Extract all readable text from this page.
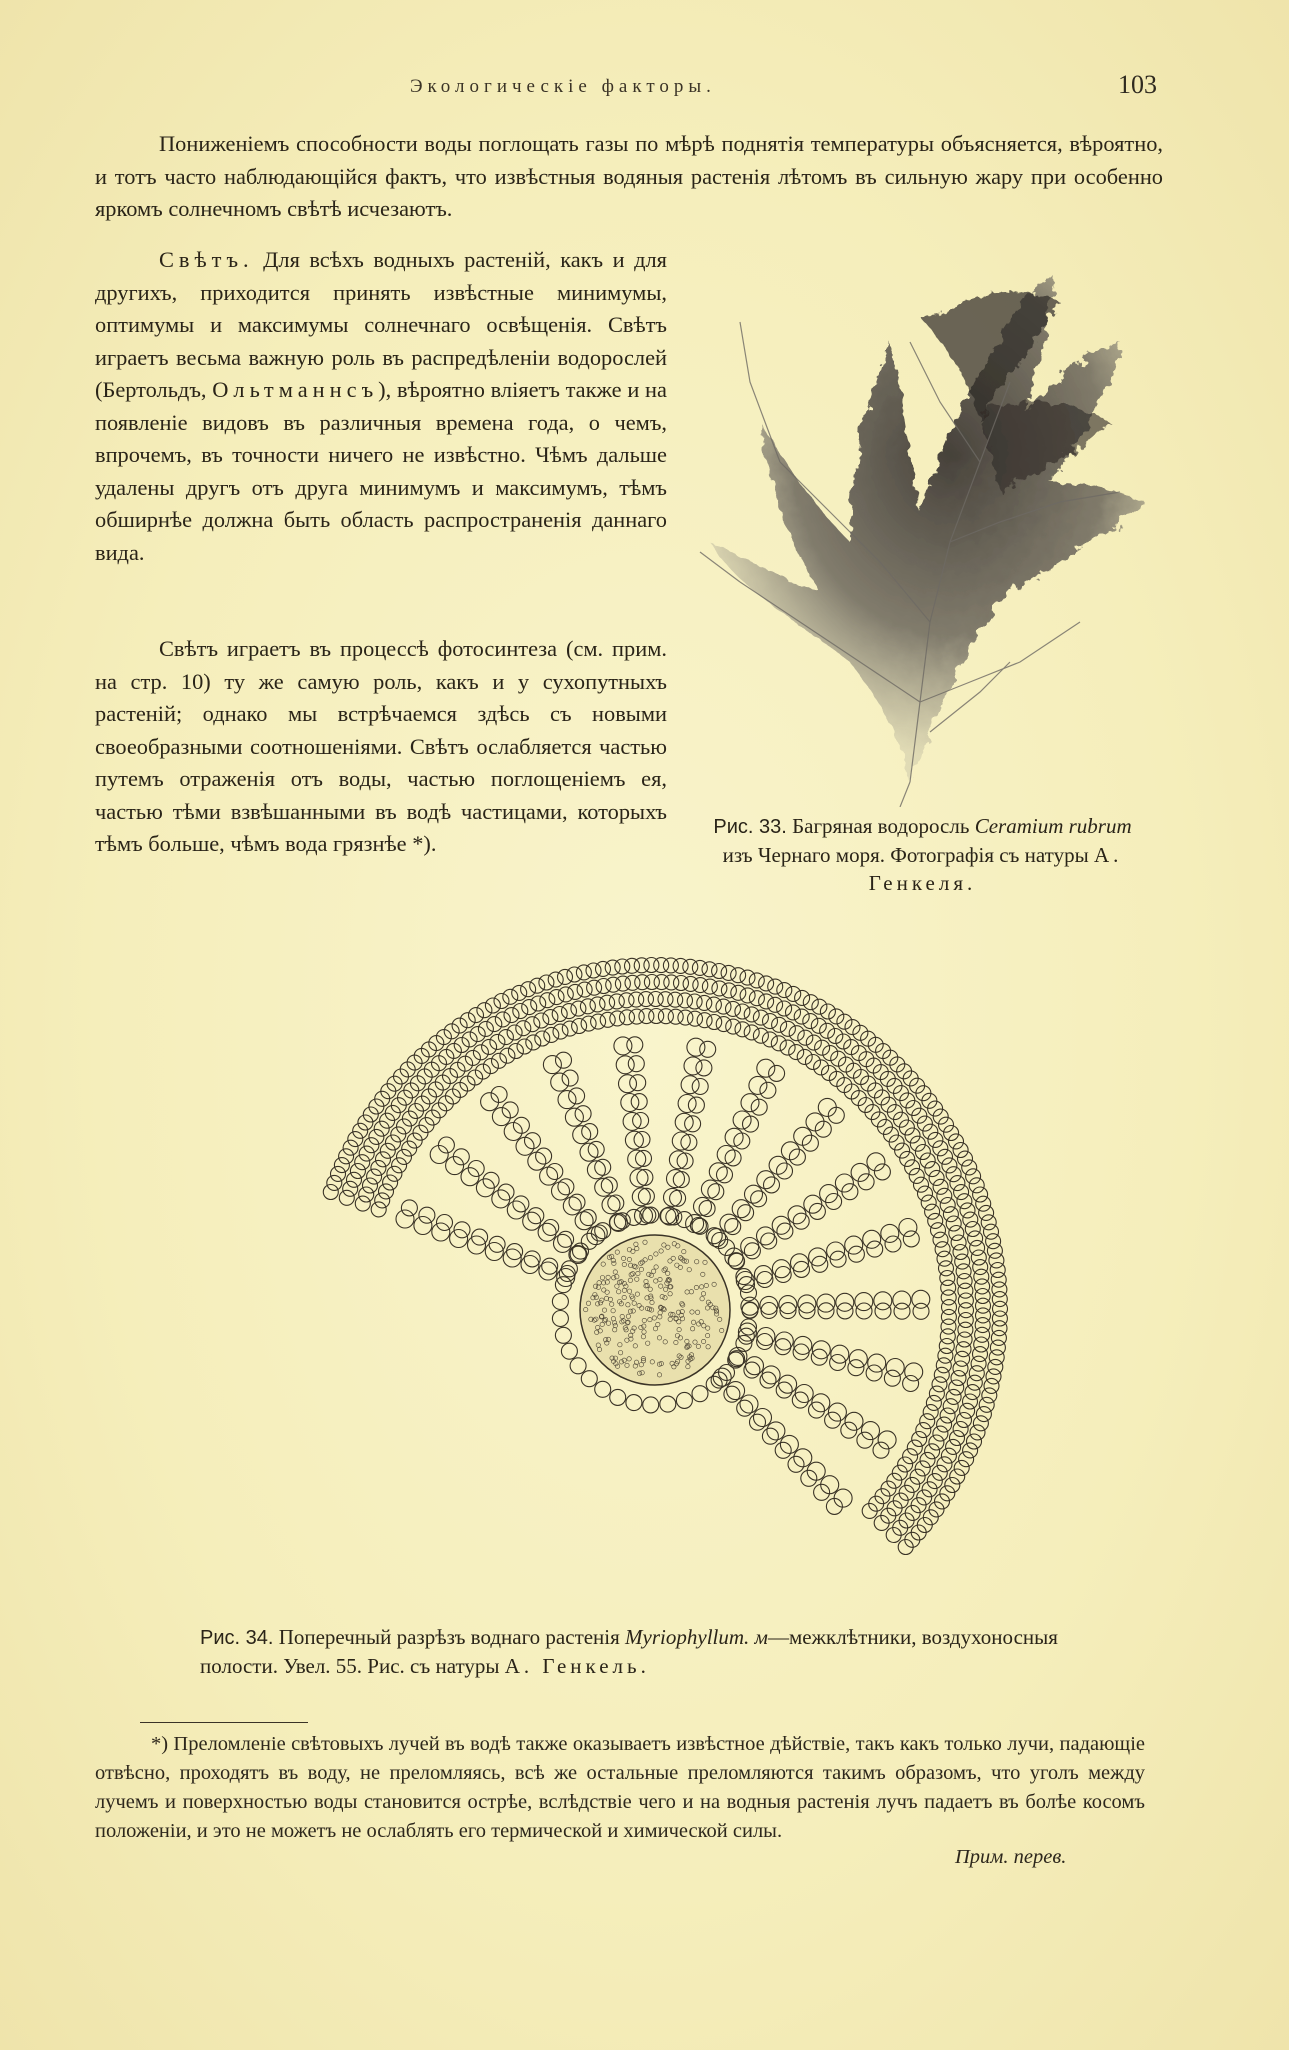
Экологическіе факторы.	103

Пониженіемъ способности воды поглощать газы по мѣрѣ поднятія температуры объясняется, вѣроятно, и тотъ часто наблюдающійся фактъ, что извѣстныя водяныя растенія лѣтомъ въ сильную жару при особенно яркомъ солнечномъ свѣтѣ исчезаютъ.

Свѣтъ. Для всѣхъ водныхъ растеній, какъ и для другихъ, приходится принять извѣстные минимумы, оптимумы и максимумы солнечнаго освѣщенія. Свѣтъ играетъ весьма важную роль въ распредѣленіи водорослей (Бертольдъ, Ольтманнсъ), вѣроятно вліяетъ также и на появленіе видовъ въ различныя времена года, о чемъ, впрочемъ, въ точности ничего не извѣстно. Чѣмъ дальше удалены другъ отъ друга минимумъ и максимумъ, тѣмъ обширнѣе должна быть область распространенія даннаго вида.

Свѣтъ играетъ въ процессѣ фотосинтеза (см. прим. на стр. 10) ту же самую роль, какъ и у сухопутныхъ растеній; однако мы встрѣчаемся здѣсь съ новыми своеобразными соотношеніями. Свѣтъ ослабляется частью путемъ отраженія отъ воды, частью поглощеніемъ ея, частью тѣми взвѣшанными въ водѣ частицами, которыхъ тѣмъ больше, чѣмъ вода грязнѣе *).

Рис. 33. Багряная водоросль Ceramium rubrum изъ Чернаго моря. Фотографія съ натуры А. Генкеля.
Рис. 34. Поперечный разрѣзъ воднаго растенія Myriophyllum. м—межклѣтники, воздухоносныя полости. Увел. 55. Рис. съ натуры А. Генкель.

*) Преломленіе свѣтовыхъ лучей въ водѣ также оказываетъ извѣстное дѣйствіе, такъ какъ только лучи, падающіе отвѣсно, проходятъ въ воду, не преломляясь, всѣ же остальные преломляются такимъ образомъ, что уголъ между лучемъ и поверхностью воды становится острѣе, вслѣдствіе чего и на водныя растенія лучъ падаетъ въ болѣе косомъ положеніи, и это не можетъ не ослаблять его термической и химической силы.

Прим. перев.
